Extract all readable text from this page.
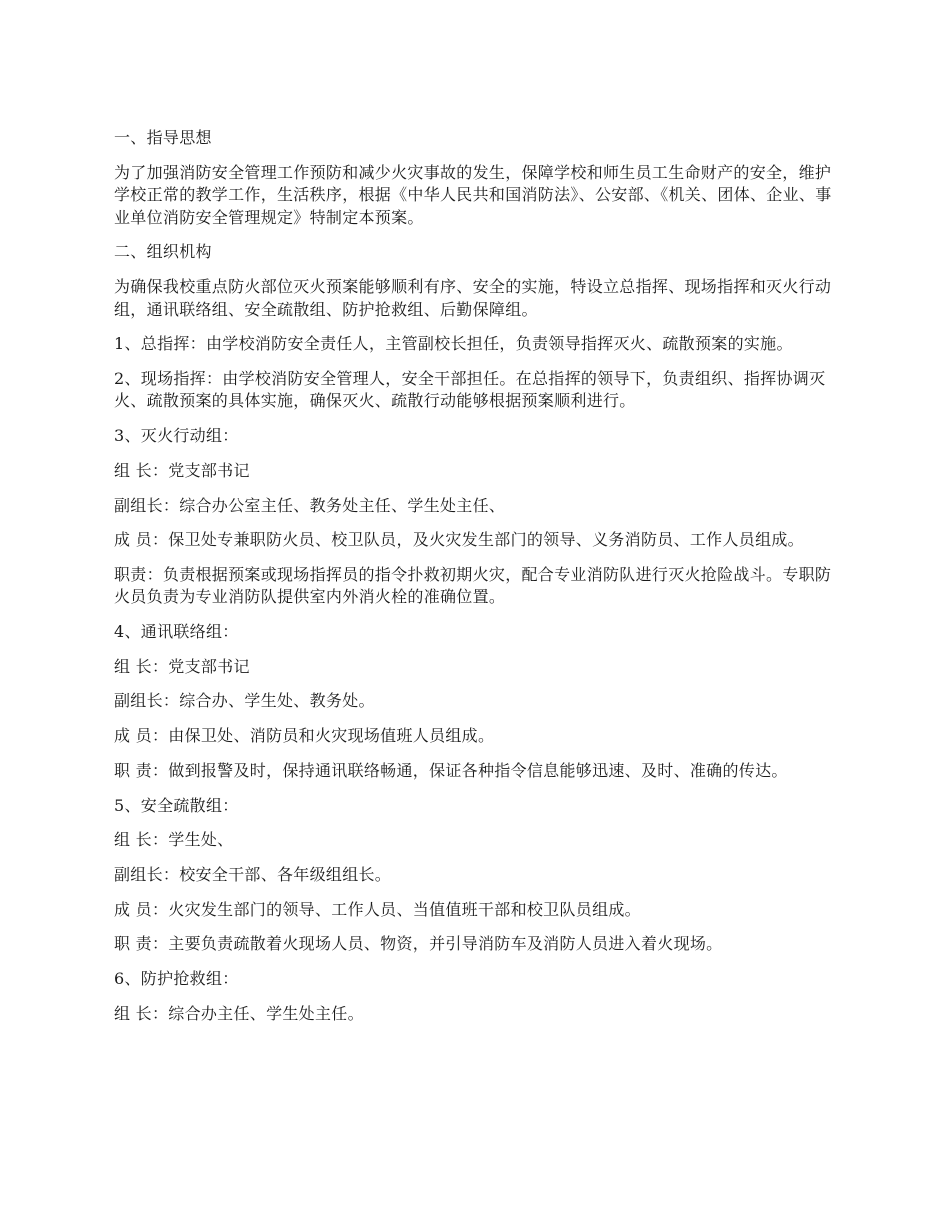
一、指导思想

为了加强消防安全管理工作预防和减少火灾事故的发生，保障学校和师生员工生命财产的安全，维护学校正常的教学工作，生活秩序，根据《中华人民共和国消防法》、公安部、《机关、团体、企业、事业单位消防安全管理规定》特制定本预案。

二、组织机构

为确保我校重点防火部位灭火预案能够顺利有序、安全的实施，特设立总指挥、现场指挥和灭火行动组，通讯联络组、安全疏散组、防护抢救组、后勤保障组。

1、总指挥：由学校消防安全责任人，主管副校长担任，负责领导指挥灭火、疏散预案的实施。

2、现场指挥：由学校消防安全管理人，安全干部担任。在总指挥的领导下，负责组织、指挥协调灭火、疏散预案的具体实施，确保灭火、疏散行动能够根据预案顺利进行。

3、灭火行动组：

组 长：党支部书记

副组长：综合办公室主任、教务处主任、学生处主任、

成 员：保卫处专兼职防火员、校卫队员，及火灾发生部门的领导、义务消防员、工作人员组成。

职责：负责根据预案或现场指挥员的指令扑救初期火灾，配合专业消防队进行灭火抢险战斗。专职防火员负责为专业消防队提供室内外消火栓的准确位置。

4、通讯联络组：

组 长：党支部书记

副组长：综合办、学生处、教务处。

成 员：由保卫处、消防员和火灾现场值班人员组成。

职 责：做到报警及时，保持通讯联络畅通，保证各种指令信息能够迅速、及时、准确的传达。

5、安全疏散组：

组 长：学生处、

副组长：校安全干部、各年级组组长。

成 员：火灾发生部门的领导、工作人员、当值值班干部和校卫队员组成。

职 责：主要负责疏散着火现场人员、物资，并引导消防车及消防人员进入着火现场。

6、防护抢救组：

组 长：综合办主任、学生处主任。
